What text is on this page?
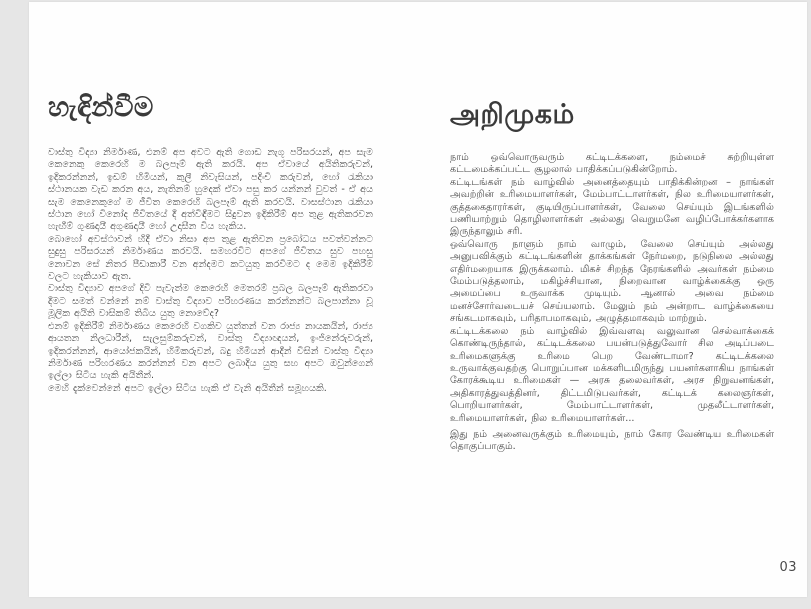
හැඳින්වීම

වාස්තු විද්‍යා නිර්මාණ, එනම් අප අවට ඇති ගොඩ නැගූ පරිසරයන්, අප සැම කෙනෙකු කෙරෙහි ම බලපෑම් ඇති කරයි. අප ඒවායේ අයිතිකරුවන්, ඉදිකරන්නන්, ඉඩම් හිමියන්, කුලී නිවැසියන්, පදිංචි කරුවන්, හෝ රැකියා ස්ථානයක වැඩ කරන අය, නැතිනම් හුදෙක් ඒවා පසු කර යන්නන් වුවත් - ඒ අය සැම කෙනෙකුගේ ම ජීවිත කෙරෙහි බලපෑම් ඇති කරවයි. වාසස්ථාන රැකියා ස්ථාන හෝ විනෝද ජීවිතයේ දී අත්විඳීමට සිදුවන ඉදිකිරීම් අප තුළ ඇතිකරවන හැඟීම් ගුණදායී අගුණදායී හෝ උදාසීන විය හැකිය.

බොහෝ අවස්ථාවන් හිදී ඒවා නිසා අප තුළ ඇතිවන ප්‍රබෝධය පවත්වන්නට සුදුසු පරිසරයන් නිර්මාණය කරවයි. සමහරවිට අපගේ ජීවිතය සුව පහසු නොවන සේ නිතර පීඩාකාරී වන අන්දමට කටයුතු කරවීමට ද මෙම ඉදිකිරීම් වලට හැකියාව ඇත.

වාස්තු විද්‍යාව අපගේ දිවි පැවැත්ම කෙරෙහි මෙතරම් ප්‍රබල බලපෑම් ඇතිකරවා දීමට සමත් වන්නේ නම් වාස්තු විද්‍යාව පරිහරණය කරන්නන්ට බලපාන්නා වූ මූලික අයිති වාසිකම් තිබිය යුතු නොවේද?

එනම් ඉදිකිරීම් නිර්මාණය කෙරෙහි වගකිව යුත්තන් වන රාජ්‍ය නායකයින්, රාජ්‍ය ආයතන නිලධාරීන්, සැලසුම්කරුවන්, වාස්තු විද්‍යාඥයන්, ඉංජිනේරුවරුන්, ඉදිකරන්නන්, ආයෝජකයින්, හිමිකරුවන්, බදු හිමියන් ආදීන් විසින් වාස්තු විද්‍යා නිර්මාණ පරිහරණය කරන්නන් වන අපට ලබාදිය යුතු සහ අපට ඔවුන්ගෙන් ඉල්ලා සිටිය හැකි අයිතීන්.

මෙහි දැක්වෙන්නේ අපට ඉල්ලා සිටිය හැකි ඒ වැනි අයිතීන් සමූහයකි.

அறிமுகம்

நாம் ஒவ்வொருவரும் கட்டிடக்களை, நம்மைச் சுற்றியுள்ள கட்டமைக்கப்பட்ட சூழலால் பாதிக்கப்படுகின்றோம்.

கட்டிடங்கள் நம் வாழ்வில் அனைத்தையும் பாதிக்கின்றன – நாங்கள் அவற்றின் உரிமையாளர்கள், மேம்பாட்டாளர்கள், நில உரிமையாளர்கள், குத்தகைதாரர்கள், குடியிருப்பாளர்கள், வேலை செய்யும் இடங்களில் பணியாற்றும் தொழிலாளர்கள் அல்லது வெறுமனே வழிப்போக்கர்களாக இருந்தாலும் சரி.

ஒவ்வொரு நாளும் நாம் வாழும், வேலை செய்யும் அல்லது அனுபவிக்கும் கட்டிடங்களின் தாக்கங்கள் நேர்மறை, நடுநிலை அல்லது எதிர்மறையாக இருக்கலாம். மிகச் சிறந்த நேரங்களில் அவர்கள் நம்மை மேம்படுத்தலாம், மகிழ்ச்சியான, நிறைவான வாழ்க்கைக்கு ஒரு அமைப்பை உருவாக்க முடியும். ஆனால் அவை நம்மை மனச்சோர்வடையச் செய்யலாம். மேலும் நம் அன்றாட வாழ்க்கையை சங்கடமாகவும், பரிதாபமாகவும், அழுத்தமாகவும் மாற்றும்.

கட்டிடக்கலை நம் வாழ்வில் இவ்வளவு வலுவான செல்வாக்கைக் கொண்டிருந்தால், கட்டிடக்கலை பயன்படுத்துவோர் சில அடிப்படை உரிமைகளுக்கு உரிமை பெற வேண்டாமா? கட்டிடக்கலை உருவாக்குவதற்கு பொறுப்பான மக்களிடமிருந்து பயனர்களாகிய நாங்கள் கோரக்கூடிய உரிமைகள் — அரசு தலைவர்கள், அரச நிறுவனங்கள், அதிகாரத்துவத்தினர், திட்டமிடுபவர்கள், கட்டிடக் கலைஞர்கள், பொறியாளர்கள், மேம்பாட்டாளர்கள், முதலீட்டாளர்கள், உரிமையாளர்கள், நில உரிமையாளர்கள்...

இது நம் அனைவருக்கும் உரிமையும், நாம் கோர வேண்டிய உரிமைகள் தொகுப்பாகும்.

03
